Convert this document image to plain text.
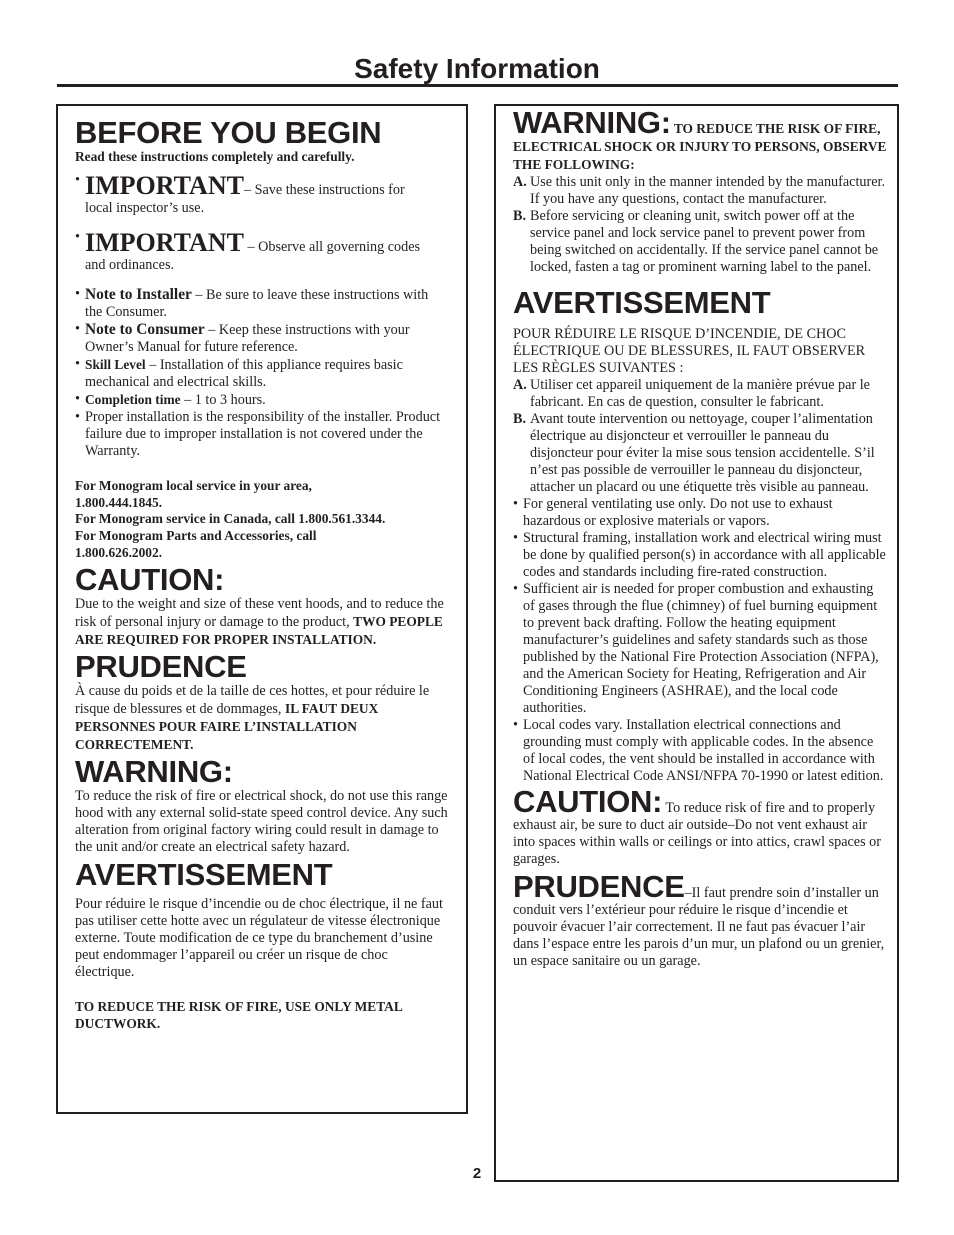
Safety Information
BEFORE YOU BEGIN

Read these instructions completely and carefully.

• IMPORTANT– Save these instructions for local inspector’s use.
• IMPORTANT – Observe all governing codes and ordinances.
• Note to Installer – Be sure to leave these instructions with the Consumer.
• Note to Consumer – Keep these instructions with your Owner’s Manual for future reference.
• Skill Level – Installation of this appliance requires basic mechanical and electrical skills.
• Completion time – 1 to 3 hours.
• Proper installation is the responsibility of the installer. Product failure due to improper installation is not covered under the Warranty.

For Monogram local service in your area, 1.800.444.1845.

For Monogram service in Canada, call 1.800.561.3344.

For Monogram Parts and Accessories, call 1.800.626.2002.

CAUTION:

Due to the weight and size of these vent hoods, and to reduce the risk of personal injury or damage to the product, TWO PEOPLE ARE REQUIRED FOR PROPER INSTALLATION.

PRUDENCE

À cause du poids et de la taille de ces hottes, et pour réduire le risque de blessures et de dommages, IL FAUT DEUX PERSONNES POUR FAIRE L’INSTALLATION CORRECTEMENT.

WARNING:

To reduce the risk of fire or electrical shock, do not use this range hood with any external solid-state speed control device. Any such alteration from original factory wiring could result in damage to the unit and/or create an electrical safety hazard.

AVERTISSEMENT

Pour réduire le risque d’incendie ou de choc électrique, il ne faut pas utiliser cette hotte avec un régulateur de vitesse électronique externe. Toute modification de ce type du branchement d’usine peut endommager l’appareil ou créer un risque de choc électrique.

TO REDUCE THE RISK OF FIRE, USE ONLY METAL DUCTWORK.

WARNING: TO REDUCE THE RISK OF FIRE, ELECTRICAL SHOCK OR INJURY TO PERSONS, OBSERVE THE FOLLOWING:
A. Use this unit only in the manner intended by the manufacturer. If you have any questions, contact the manufacturer.
B. Before servicing or cleaning unit, switch power off at the service panel and lock service panel to prevent power from being switched on accidentally. If the service panel cannot be locked, fasten a tag or prominent warning label to the panel.
AVERTISSEMENT

POUR RÉDUIRE LE RISQUE D’INCENDIE, DE CHOC ÉLECTRIQUE OU DE BLESSURES, IL FAUT OBSERVER LES RÈGLES SUIVANTES :

A. Utiliser cet appareil uniquement de la manière prévue par le fabricant. En cas de question, consulter le fabricant.
B. Avant toute intervention ou nettoyage, couper l’alimentation électrique au disjoncteur et verrouiller le panneau du disjoncteur pour éviter la mise sous tension accidentelle. S’il n’est pas possible de verrouiller le panneau du disjoncteur, attacher un placard ou une étiquette très visible au panneau.
• For general ventilating use only. Do not use to exhaust hazardous or explosive materials or vapors.
• Structural framing, installation work and electrical wiring must be done by qualified person(s) in accordance with all applicable codes and standards including fire-rated construction.
• Sufficient air is needed for proper combustion and exhausting of gases through the flue (chimney) of fuel burning equipment to prevent back drafting. Follow the heating equipment manufacturer’s guidelines and safety standards such as those published by the National Fire Protection Association (NFPA), and the American Society for Heating, Refrigeration and Air Conditioning Engineers (ASHRAE), and the local code authorities.
• Local codes vary. Installation electrical connections and grounding must comply with applicable codes. In the absence of local codes, the vent should be installed in accordance with National Electrical Code ANSI/NFPA 70-1990 or latest edition.
CAUTION: To reduce risk of fire and to properly exhaust air, be sure to duct air outside–Do not vent exhaust air into spaces within walls or ceilings or into attics, crawl spaces or garages.
PRUDENCE–Il faut prendre soin d’installer un conduit vers l’extérieur pour réduire le risque d’incendie et pouvoir évacuer l’air correctement. Il ne faut pas évacuer l’air dans l’espace entre les parois d’un mur, un plafond ou un grenier, un espace sanitaire ou un garage.
2
